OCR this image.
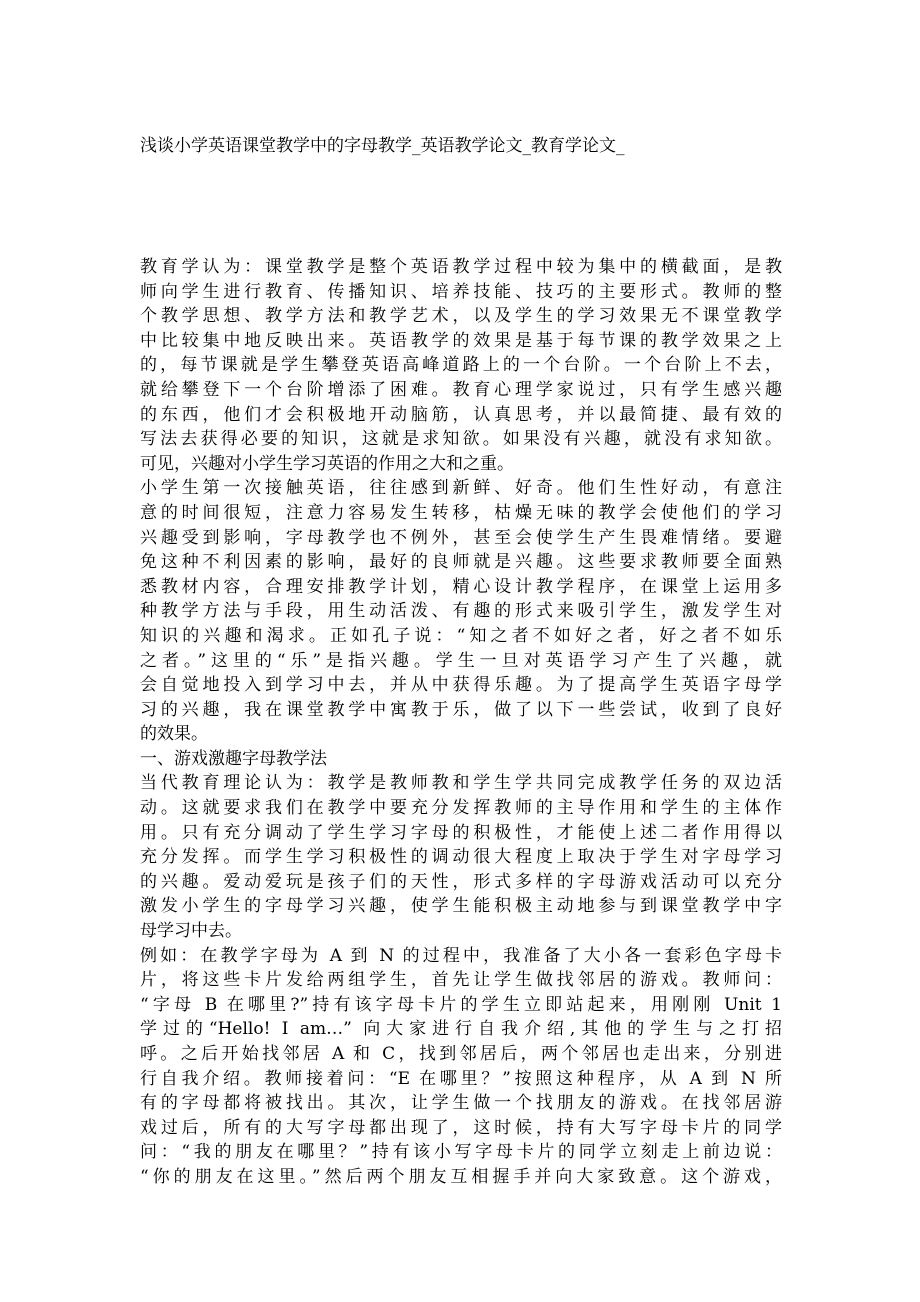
浅谈小学英语课堂教学中的字母教学_英语教学论文_教育学论文_
教育学认为：课堂教学是整个英语教学过程中较为集中的横截面，是教
师向学生进行教育、传播知识、培养技能、技巧的主要形式。教师的整
个教学思想、教学方法和教学艺术，以及学生的学习效果无不课堂教学
中比较集中地反映出来。英语教学的效果是基于每节课的教学效果之上
的，每节课就是学生攀登英语高峰道路上的一个台阶。一个台阶上不去，
就给攀登下一个台阶增添了困难。教育心理学家说过，只有学生感兴趣
的东西，他们才会积极地开动脑筋，认真思考，并以最简捷、最有效的
写法去获得必要的知识，这就是求知欲。如果没有兴趣，就没有求知欲。
可见，兴趣对小学生学习英语的作用之大和之重。
小学生第一次接触英语，往往感到新鲜、好奇。他们生性好动，有意注
意的时间很短，注意力容易发生转移，枯燥无味的教学会使他们的学习
兴趣受到影响，字母教学也不例外，甚至会使学生产生畏难情绪。要避
免这种不利因素的影响，最好的良师就是兴趣。这些要求教师要全面熟
悉教材内容，合理安排教学计划，精心设计教学程序，在课堂上运用多
种教学方法与手段，用生动活泼、有趣的形式来吸引学生，激发学生对
知识的兴趣和渴求。正如孔子说：“知之者不如好之者，好之者不如乐
之者。”这里的“乐”是指兴趣。学生一旦对英语学习产生了兴趣，就
会自觉地投入到学习中去，并从中获得乐趣。为了提高学生英语字母学
习的兴趣，我在课堂教学中寓教于乐，做了以下一些尝试，收到了良好
的效果。
一、游戏激趣字母教学法
当代教育理论认为：教学是教师教和学生学共同完成教学任务的双边活
动。这就要求我们在教学中要充分发挥教师的主导作用和学生的主体作
用。只有充分调动了学生学习字母的积极性，才能使上述二者作用得以
充分发挥。而学生学习积极性的调动很大程度上取决于学生对字母学习
的兴趣。爱动爱玩是孩子们的天性，形式多样的字母游戏活动可以充分
激发小学生的字母学习兴趣，使学生能积极主动地参与到课堂教学中字
母学习中去。
例如：在教学字母为 A 到 N 的过程中，我准备了大小各一套彩色字母卡
片，将这些卡片发给两组学生，首先让学生做找邻居的游戏。教师问：
“字母 B 在哪里?”持有该字母卡片的学生立即站起来，用刚刚 Unit 1
学过的“Hello! I am…” 向大家进行自我介绍,其他的学生与之打招
呼。之后开始找邻居 A 和 C，找到邻居后，两个邻居也走出来，分别进
行自我介绍。教师接着问：“E 在哪里？”按照这种程序，从 A 到 N 所
有的字母都将被找出。其次，让学生做一个找朋友的游戏。在找邻居游
戏过后，所有的大写字母都出现了，这时候，持有大写字母卡片的同学
问：“我的朋友在哪里？”持有该小写字母卡片的同学立刻走上前边说：
“你的朋友在这里。”然后两个朋友互相握手并向大家致意。这个游戏，
